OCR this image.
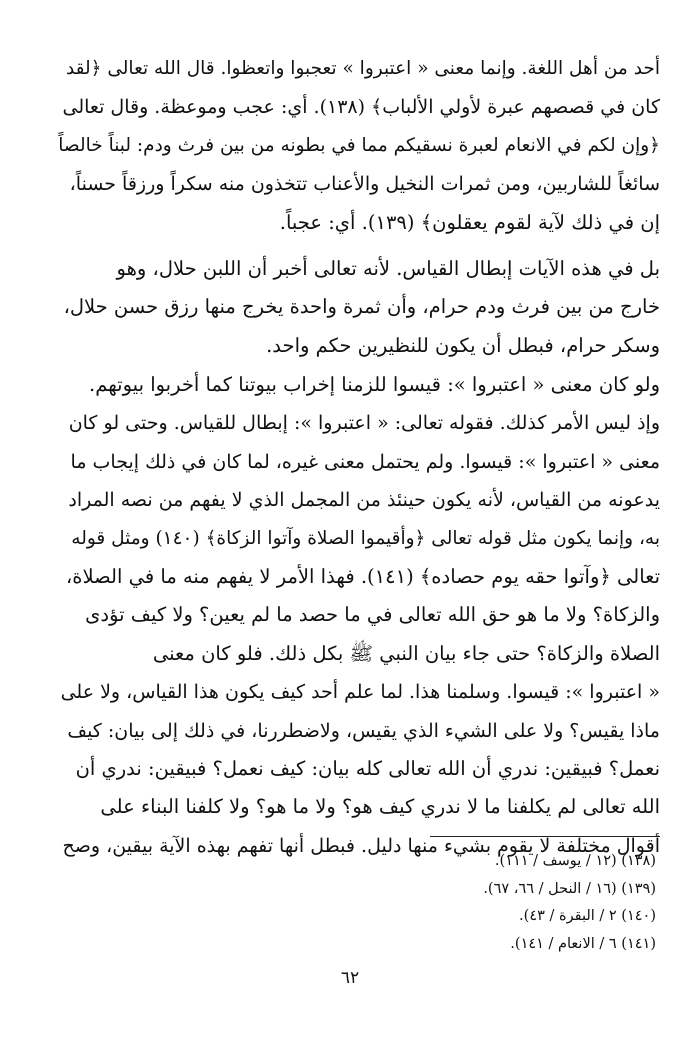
أحد من أهل اللغة. وإنما معنى « اعتبروا » تعجبوا واتعظوا. قال الله تعالى ﴿لقد
كان في قصصهم عبرة لأولي الألباب﴾ (١٣٨). أي: عجب وموعظة. وقال تعالى
﴿وإن لكم في الانعام لعبرة نسقيكم مما في بطونه من بين فرث ودم: لبناً خالصاً
سائغاً للشاربين، ومن ثمرات النخيل والأعناب تتخذون منه سكراً ورزقاً حسناً،
إن في ذلك لآية لقوم يعقلون﴾ (١٣٩). أي: عجباً.
بل في هذه الآيات إبطال القياس. لأنه تعالى أخبر أن اللبن حلال، وهو
خارج من بين فرث ودم حرام، وأن ثمرة واحدة يخرج منها رزق حسن حلال،
وسكر حرام، فبطل أن يكون للنظيرين حكم واحد.
ولو كان معنى « اعتبروا »: قيسوا للزمنا إخراب بيوتنا كما أخربوا بيوتهم.
وإذ ليس الأمر كذلك. فقوله تعالى: « اعتبروا »: إبطال للقياس. وحتى لو كان
معنى « اعتبروا »: قيسوا. ولم يحتمل معنى غيره، لما كان في ذلك إيجاب ما
يدعونه من القياس، لأنه يكون حينئذ من المجمل الذي لا يفهم من نصه المراد
به، وإنما يكون مثل قوله تعالى ﴿وأقيموا الصلاة وآتوا الزكاة﴾ (١٤٠) ومثل قوله
تعالى ﴿وآتوا حقه يوم حصاده﴾ (١٤١). فهذا الأمر لا يفهم منه ما في الصلاة،
والزكاة؟ ولا ما هو حق الله تعالى في ما حصد ما لم يعين؟ ولا كيف تؤدى
الصلاة والزكاة؟ حتى جاء بيان النبي ﷺ بكل ذلك. فلو كان معنى
« اعتبروا »: قيسوا. وسلمنا هذا. لما علم أحد كيف يكون هذا القياس، ولا على
ماذا يقيس؟ ولا على الشيء الذي يقيس، ولاضطررنا، في ذلك إلى بيان: كيف
نعمل؟ فبيقين: ندري أن الله تعالى كله بيان: كيف نعمل؟ فبيقين: ندري أن
الله تعالى لم يكلفنا ما لا ندري كيف هو؟ ولا ما هو؟ ولا كلفنا البناء على
أقوال مختلفة لا يقوم بشيء منها دليل. فبطل أنها تفهم بهذه الآية بيقين، وصح
(١٣٨) (١٢ / يوسف / ١١١).
(١٣٩) (١٦ / النحل / ٦٦، ٦٧).
(١٤٠) ٢ / البقرة / ٤٣).
(١٤١) ٦ / الانعام / ١٤١).
٦٢
